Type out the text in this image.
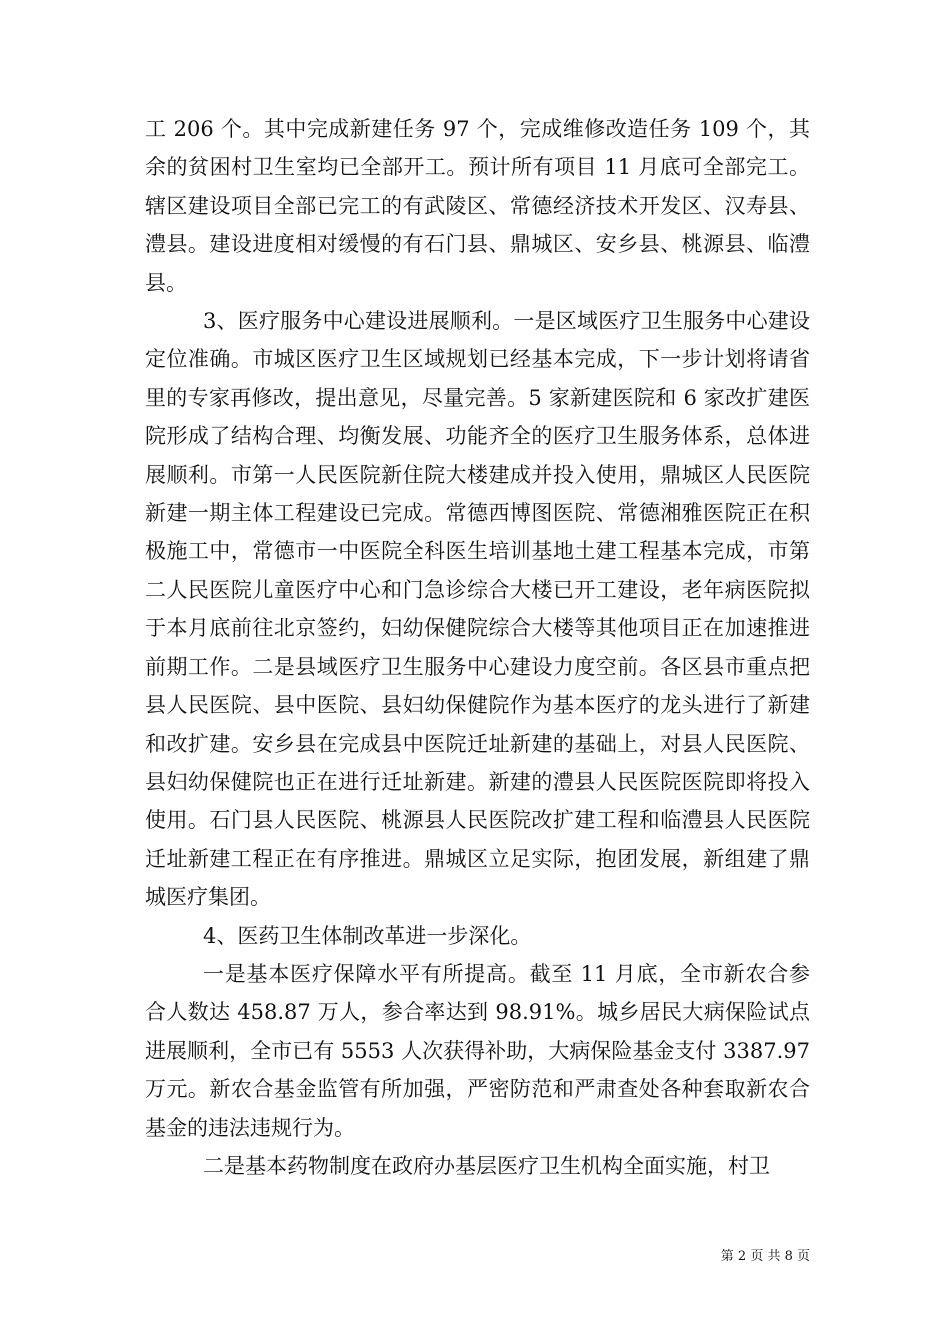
工 206 个。其中完成新建任务 97 个，完成维修改造任务 109 个，其余的贫困村卫生室均已全部开工。预计所有项目 11 月底可全部完工。辖区建设项目全部已完工的有武陵区、常德经济技术开发区、汉寿县、澧县。建设进度相对缓慢的有石门县、鼎城区、安乡县、桃源县、临澧县。

3、医疗服务中心建设进展顺利。一是区域医疗卫生服务中心建设定位准确。市城区医疗卫生区域规划已经基本完成，下一步计划将请省里的专家再修改，提出意见，尽量完善。5 家新建医院和 6 家改扩建医院形成了结构合理、均衡发展、功能齐全的医疗卫生服务体系，总体进展顺利。市第一人民医院新住院大楼建成并投入使用，鼎城区人民医院新建一期主体工程建设已完成。常德西博图医院、常德湘雅医院正在积极施工中，常德市一中医院全科医生培训基地土建工程基本完成，市第二人民医院儿童医疗中心和门急诊综合大楼已开工建设，老年病医院拟于本月底前往北京签约，妇幼保健院综合大楼等其他项目正在加速推进前期工作。二是县域医疗卫生服务中心建设力度空前。各区县市重点把县人民医院、县中医院、县妇幼保健院作为基本医疗的龙头进行了新建和改扩建。安乡县在完成县中医院迁址新建的基础上，对县人民医院、县妇幼保健院也正在进行迁址新建。新建的澧县人民医院医院即将投入使用。石门县人民医院、桃源县人民医院改扩建工程和临澧县人民医院迁址新建工程正在有序推进。鼎城区立足实际，抱团发展，新组建了鼎城医疗集团。

4、医药卫生体制改革进一步深化。

一是基本医疗保障水平有所提高。截至 11 月底，全市新农合参合人数达 458.87 万人，参合率达到 98.91%。城乡居民大病保险试点进展顺利，全市已有 5553 人次获得补助，大病保险基金支付 3387.97 万元。新农合基金监管有所加强，严密防范和严肃查处各种套取新农合基金的违法违规行为。

二是基本药物制度在政府办基层医疗卫生机构全面实施，村卫

第 2 页 共 8 页
